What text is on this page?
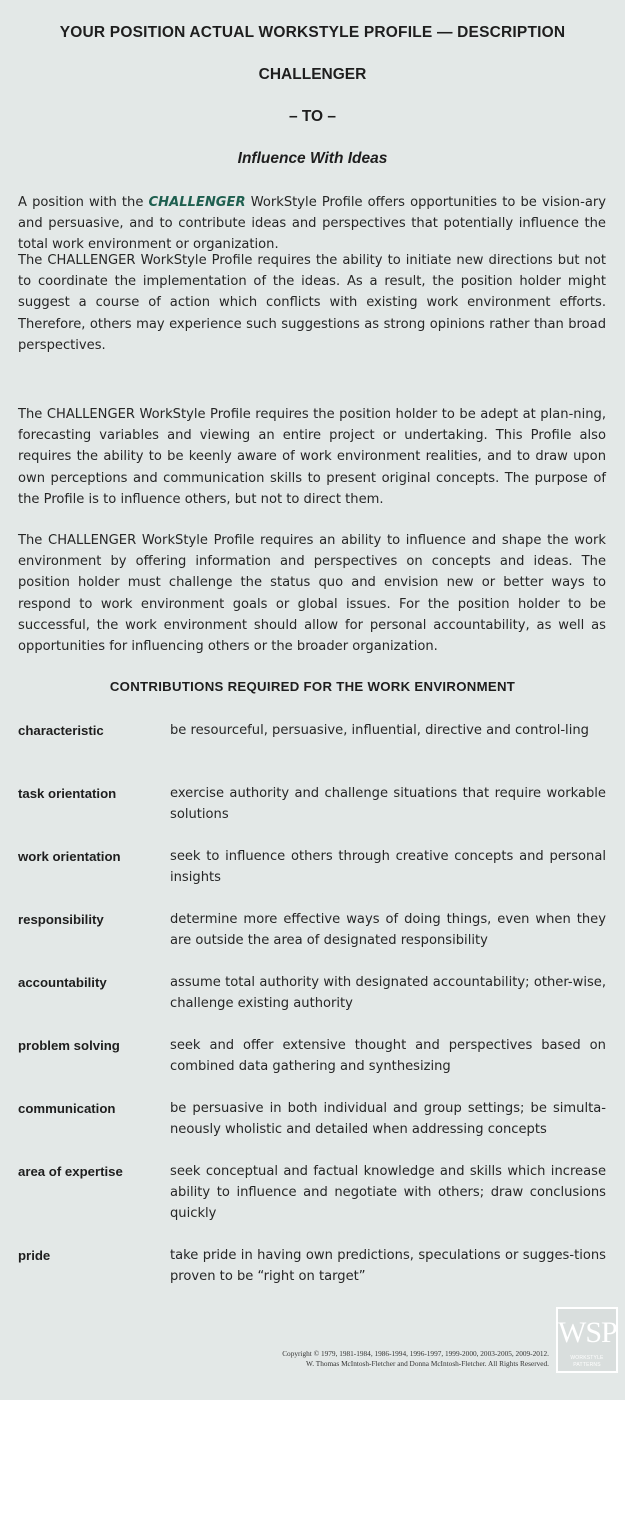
YOUR POSITION ACTUAL WORKSTYLE PROFILE — DESCRIPTION
CHALLENGER
– TO –
Influence With Ideas

A position with the CHALLENGER WorkStyle Profile offers opportunities to be vision-ary and persuasive, and to contribute ideas and perspectives that potentially influence the total work environment or organization.

The CHALLENGER WorkStyle Profile requires the ability to initiate new directions but not to coordinate the implementation of the ideas. As a result, the position holder might suggest a course of action which conflicts with existing work environment efforts. Therefore, others may experience such suggestions as strong opinions rather than broad perspectives.

The CHALLENGER WorkStyle Profile requires the position holder to be adept at plan-ning, forecasting variables and viewing an entire project or undertaking. This Profile also requires the ability to be keenly aware of work environment realities, and to draw upon own perceptions and communication skills to present original concepts. The purpose of the Profile is to influence others, but not to direct them.

The CHALLENGER WorkStyle Profile requires an ability to influence and shape the work environment by offering information and perspectives on concepts and ideas. The position holder must challenge the status quo and envision new or better ways to respond to work environment goals or global issues. For the position holder to be successful, the work environment should allow for personal accountability, as well as opportunities for influencing others or the broader organization.

CONTRIBUTIONS REQUIRED FOR THE WORK ENVIRONMENT
characteristic	be resourceful, persuasive, influential, directive and control-ling

task orientation	exercise authority and challenge situations that require workable solutions

work orientation	seek to influence others through creative concepts and personal insights

responsibility	determine more effective ways of doing things, even when they are outside the area of designated responsibility

accountability	assume total authority with designated accountability; other-wise, challenge existing authority

problem solving	seek and offer extensive thought and perspectives based on combined data gathering and synthesizing

communication	be persuasive in both individual and group settings; be simulta-neously wholistic and detailed when addressing concepts

area of expertise	seek conceptual and factual knowledge and skills which increase ability to influence and negotiate with others; draw conclusions quickly

pride	take pride in having own predictions, speculations or sugges-tions proven to be “right on target”

WSP
WORKSTYLE PATTERNS
Copyright © 1979, 1981-1984, 1986-1994, 1996-1997, 1999-2000, 2003-2005, 2009-2012.
W. Thomas McIntosh-Fletcher and Donna McIntosh-Fletcher. All Rights Reserved.
